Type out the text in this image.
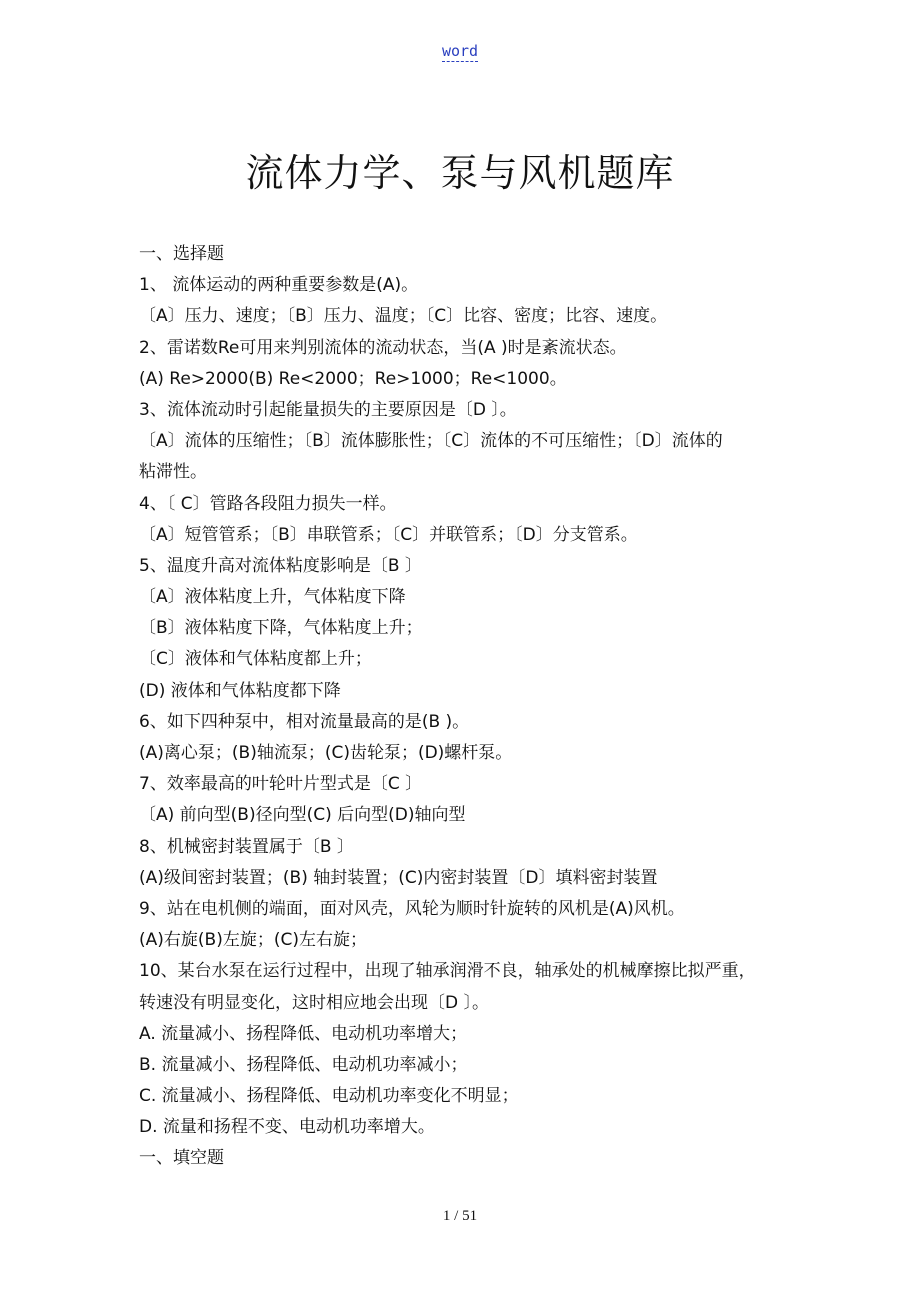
word
流体力学、泵与风机题库
一、选择题
1、 流体运动的两种重要参数是(A)。
〔A〕压力、速度；〔B〕压力、温度；〔C〕比容、密度；比容、速度。
2、雷诺数Re可用来判别流体的流动状态，当(A )时是紊流状态。
(A) Re>2000(B) Re<2000；Re>1000；Re<1000。
3、流体流动时引起能量损失的主要原因是〔D 〕。
〔A〕流体的压缩性；〔B〕流体膨胀性；〔C〕流体的不可压缩性；〔D〕流体的
粘滞性。
4、〔 C〕管路各段阻力损失一样。
〔A〕短管管系；〔B〕串联管系；〔C〕并联管系；〔D〕分支管系。
5、温度升高对流体粘度影响是〔B 〕
〔A〕液体粘度上升，气体粘度下降
〔B〕液体粘度下降，气体粘度上升；
〔C〕液体和气体粘度都上升；
(D) 液体和气体粘度都下降
6、如下四种泵中，相对流量最高的是(B )。
(A)离心泵；(B)轴流泵；(C)齿轮泵；(D)螺杆泵。
7、效率最高的叶轮叶片型式是〔C 〕
〔A) 前向型(B)径向型(C) 后向型(D)轴向型
8、机械密封装置属于〔B 〕
(A)级间密封装置；(B) 轴封装置；(C)内密封装置〔D〕填料密封装置
9、站在电机侧的端面，面对风壳，风轮为顺时针旋转的风机是(A)风机。
(A)右旋(B)左旋；(C)左右旋；
10、某台水泵在运行过程中，出现了轴承润滑不良，轴承处的机械摩擦比拟严重，
转速没有明显变化，这时相应地会出现〔D 〕。
A. 流量减小、扬程降低、电动机功率增大；
B. 流量减小、扬程降低、电动机功率减小；
C. 流量减小、扬程降低、电动机功率变化不明显；
D. 流量和扬程不变、电动机功率增大。
一、填空题
1 / 51
